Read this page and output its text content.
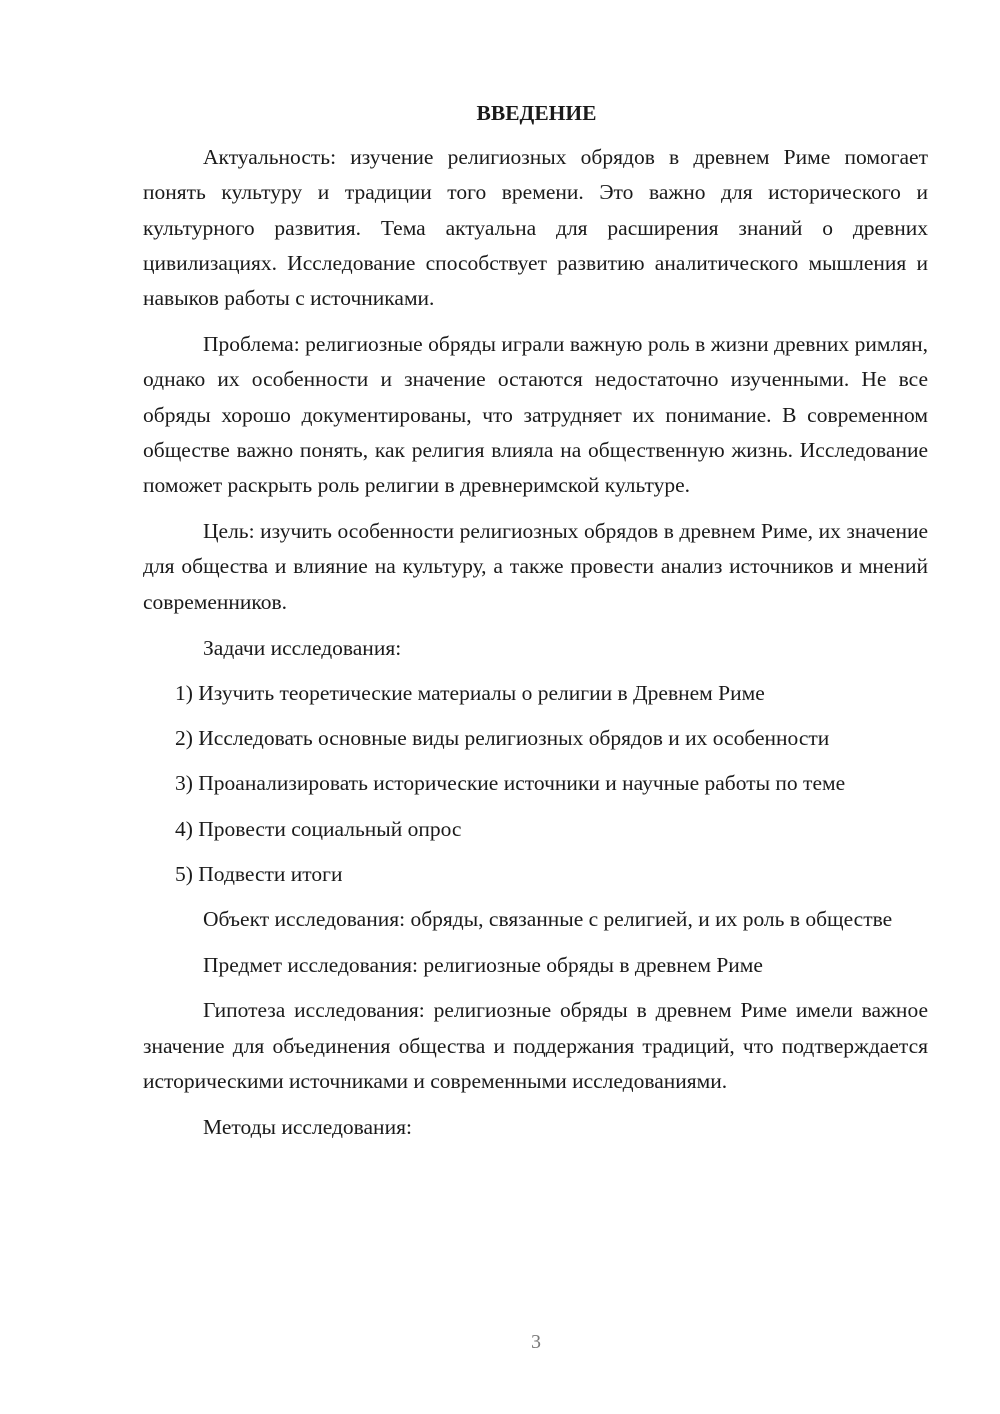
ВВЕДЕНИЕ

Актуальность: изучение религиозных обрядов в древнем Риме помогает понять культуру и традиции того времени. Это важно для исторического и культурного развития. Тема актуальна для расширения знаний о древних цивилизациях. Исследование способствует развитию аналитического мышления и навыков работы с источниками.

Проблема: религиозные обряды играли важную роль в жизни древних римлян, однако их особенности и значение остаются недостаточно изученными. Не все обряды хорошо документированы, что затрудняет их понимание. В современном обществе важно понять, как религия влияла на общественную жизнь. Исследование поможет раскрыть роль религии в древнеримской культуре.

Цель: изучить особенности религиозных обрядов в древнем Риме, их значение для общества и влияние на культуру, а также провести анализ источников и мнений современников.

Задачи исследования:

1) Изучить теоретические материалы о религии в Древнем Риме

2) Исследовать основные виды религиозных обрядов и их особенности

3) Проанализировать исторические источники и научные работы по теме

4) Провести социальный опрос

5) Подвести итоги

Объект исследования: обряды, связанные с религией, и их роль в обществе

Предмет исследования: религиозные обряды в древнем Риме

Гипотеза исследования: религиозные обряды в древнем Риме имели важное значение для объединения общества и поддержания традиций, что подтверждается историческими источниками и современными исследованиями.

Методы исследования:

3
